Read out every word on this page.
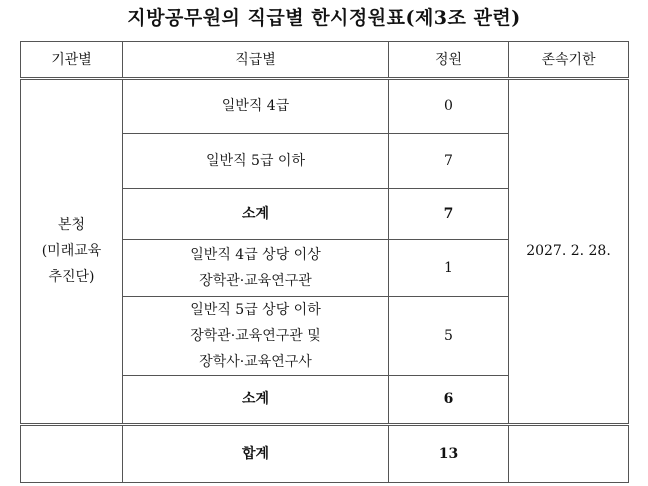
지방공무원의 직급별 한시정원표(제3조 관련)
기관별	직급별	정원	존속기한

본청
(미래교육
추진단)	일반직 4급	0	2027. 2. 28.
	일반직 5급 이하	7	
	소계	7	

	일반직 4급 상당 이상
장학관·교육연구관	1	

	일반직 5급 상당 이하
장학관·교육연구관 및
장학사·교육연구사	5	
	소계	6	
	합계	13	
